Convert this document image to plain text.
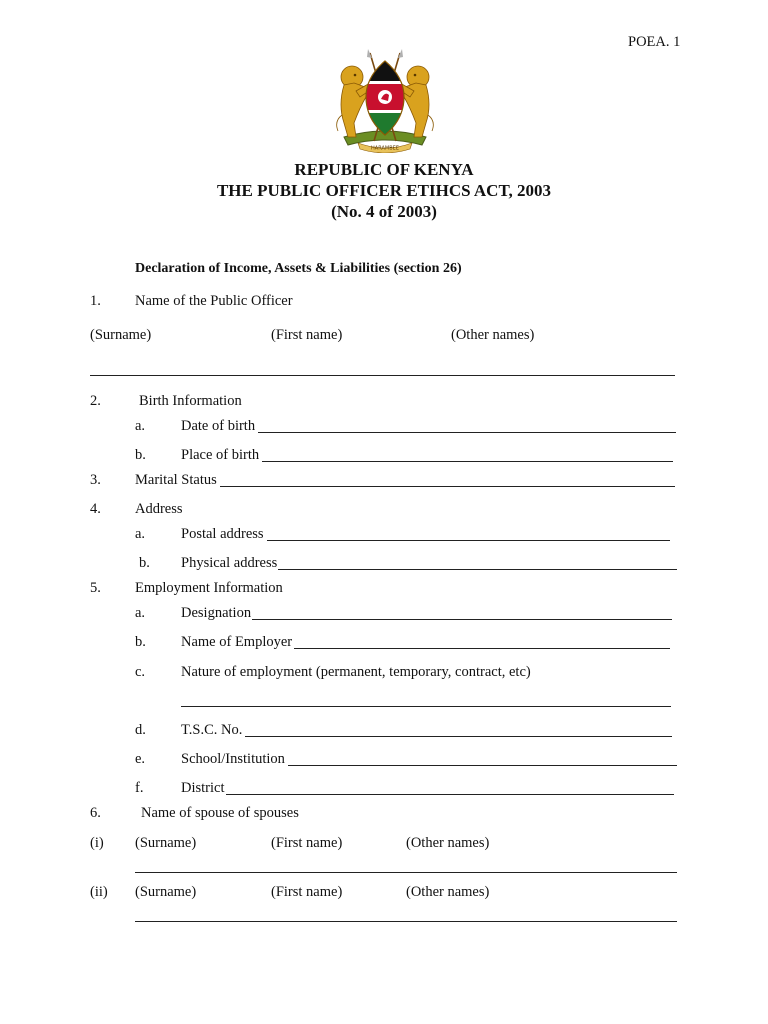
POEA. 1
HARAMBEE
REPUBLIC OF KENYA
THE PUBLIC OFFICER ETIHCS ACT, 2003
(No. 4 of 2003)
Declaration of Income, Assets & Liabilities (section 26)
1. Name of the Public Officer
(Surname)	(First name)	(Other names)
2.	Birth Information
a. Date of birth
b. Place of birth
3. Marital Status
4. Address
a. Postal address
b. Physical address
5. Employment Information
a. Designation
b. Name of Employer
c. Nature of employment (permanent, temporary, contract, etc)
d. T.S.C. No.
e. School/Institution
f.	District
6.	Name of spouse of spouses
(i) (Surname)	(First name)	(Other names)
(ii) (Surname)	(First name)	(Other names)
